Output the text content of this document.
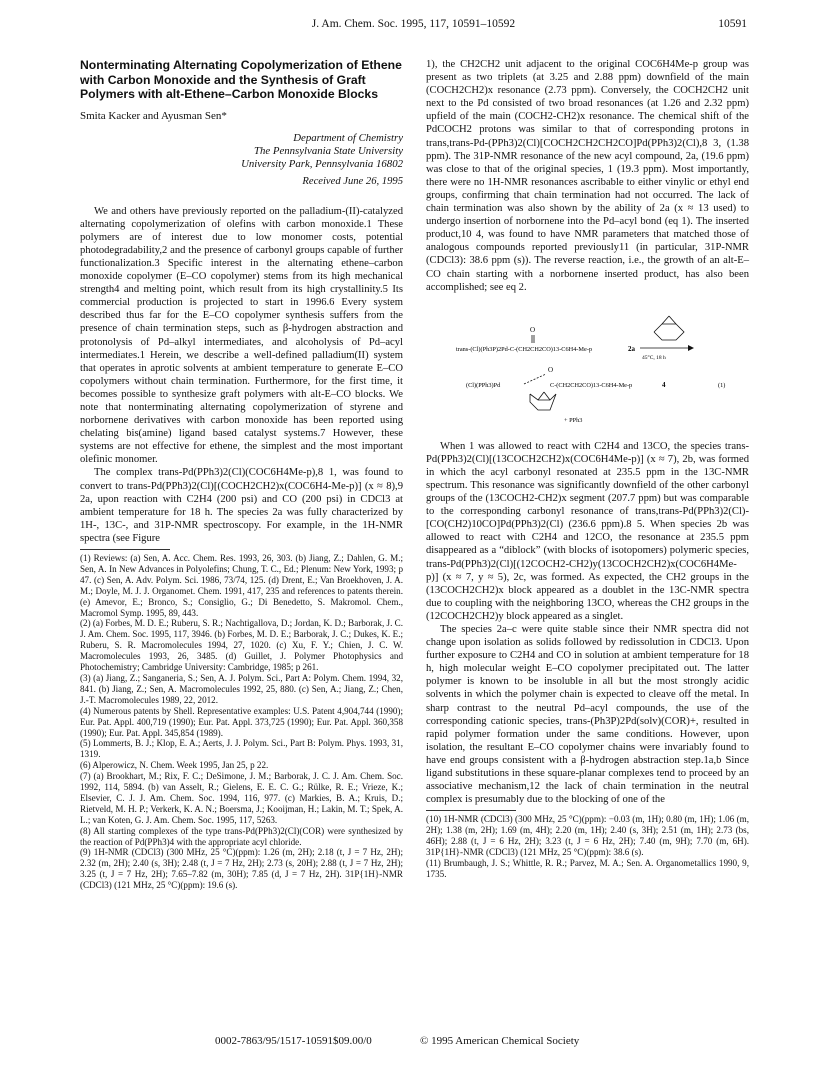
J. Am. Chem. Soc. 1995, 117, 10591–10592	10591
Nonterminating Alternating Copolymerization of Ethene with Carbon Monoxide and the Synthesis of Graft Polymers with alt-Ethene–Carbon Monoxide Blocks
Smita Kacker and Ayusman Sen*
Department of Chemistry
The Pennsylvania State University
University Park, Pennsylvania 16802
Received June 26, 1995

We and others have previously reported on the palladium-(II)-catalyzed alternating copolymerization of olefins with carbon monoxide.1 These polymers are of interest due to low monomer costs, potential photodegradability,2 and the presence of carbonyl groups capable of further functionalization.3 Specific interest in the alternating ethene–carbon monoxide copolymer (E–CO copolymer) stems from its high mechanical strength4 and melting point, which result from its high crystallinity.5 Its commercial production is projected to start in 1996.6 Every system described thus far for the E–CO copolymer synthesis suffers from the presence of chain termination steps, such as β-hydrogen abstraction and protonolysis of Pd–alkyl intermediates, and alcoholysis of Pd–acyl intermediates.1 Herein, we describe a well-defined palladium(II) system that operates in aprotic solvents at ambient temperature to generate E–CO copolymers without chain termination. Furthermore, for the first time, it becomes possible to synthesize graft polymers with alt-E–CO blocks. We note that nonterminating alternating copolymerization of styrene and norbornene derivatives with carbon monoxide has been reported using chelating bis(amine) ligand based catalyst systems.7 However, these systems are not effective for ethene, the simplest and the most important olefinic monomer.

The complex trans-Pd(PPh3)2(Cl)(COC6H4Me-p),8 1, was found to convert to trans-Pd(PPh3)2(Cl)[(COCH2CH2)x(COC6H4-Me-p)] (x ≈ 8),9 2a, upon reaction with C2H4 (200 psi) and CO (200 psi) in CDCl3 at ambient temperature for 18 h. The species 2a was fully characterized by 1H-, 13C-, and 31P-NMR spectroscopy. For example, in the 1H-NMR spectra (see Figure

(1) Reviews: (a) Sen, A. Acc. Chem. Res. 1993, 26, 303. (b) Jiang, Z.; Dahlen, G. M.; Sen, A. In New Advances in Polyolefins; Chung, T. C., Ed.; Plenum: New York, 1993; p 47. (c) Sen, A. Adv. Polym. Sci. 1986, 73/74, 125. (d) Drent, E.; Van Broekhoven, J. A. M.; Doyle, M. J. J. Organomet. Chem. 1991, 417, 235 and references to patents therein. (e) Amevor, E.; Bronco, S.; Consiglio, G.; Di Benedetto, S. Makromol. Chem., Macromol Symp. 1995, 89, 443.
(2) (a) Forbes, M. D. E.; Ruberu, S. R.; Nachtigallova, D.; Jordan, K. D.; Barborak, J. C. J. Am. Chem. Soc. 1995, 117, 3946. (b) Forbes, M. D. E.; Barborak, J. C.; Dukes, K. E.; Ruberu, S. R. Macromolecules 1994, 27, 1020. (c) Xu, F. Y.; Chien, J. C. W. Macromolecules 1993, 26, 3485. (d) Guillet, J. Polymer Photophysics and Photochemistry; Cambridge University: Cambridge, 1985; p 261.
(3) (a) Jiang, Z.; Sanganeria, S.; Sen, A. J. Polym. Sci., Part A: Polym. Chem. 1994, 32, 841. (b) Jiang, Z.; Sen, A. Macromolecules 1992, 25, 880. (c) Sen, A.; Jiang, Z.; Chen, J.-T. Macromolecules 1989, 22, 2012.
(4) Numerous patents by Shell. Representative examples: U.S. Patent 4,904,744 (1990); Eur. Pat. Appl. 400,719 (1990); Eur. Pat. Appl. 373,725 (1990); Eur. Pat. Appl. 360,358 (1990); Eur. Pat. Appl. 345,854 (1989).
(5) Lommerts, B. J.; Klop, E. A.; Aerts, J. J. Polym. Sci., Part B: Polym. Phys. 1993, 31, 1319.
(6) Alperowicz, N. Chem. Week 1995, Jan 25, p 22.
(7) (a) Brookhart, M.; Rix, F. C.; DeSimone, J. M.; Barborak, J. C. J. Am. Chem. Soc. 1992, 114, 5894. (b) van Asselt, R.; Gielens, E. E. C. G.; Rülke, R. E.; Vrieze, K.; Elsevier, C. J. J. Am. Chem. Soc. 1994, 116, 977. (c) Markies, B. A.; Kruis, D.; Rietveld, M. H. P.; Verkerk, K. A. N.; Boersma, J.; Kooijman, H.; Lakin, M. T.; Spek, A. L.; van Koten, G. J. Am. Chem. Soc. 1995, 117, 5263.
(8) All starting complexes of the type trans-Pd(PPh3)2(Cl)(COR) were synthesized by the reaction of Pd(PPh3)4 with the appropriate acyl chloride.
(9) 1H-NMR (CDCl3) (300 MHz, 25 °C)(ppm): 1.26 (m, 2H); 2.18 (t, J = 7 Hz, 2H); 2.32 (m, 2H); 2.40 (s, 3H); 2.48 (t, J = 7 Hz, 2H); 2.73 (s, 20H); 2.88 (t, J = 7 Hz, 2H); 3.25 (t, J = 7 Hz, 2H); 7.65–7.82 (m, 30H); 7.85 (d, J = 7 Hz, 2H). 31P{1H}-NMR (CDCl3) (121 MHz, 25 °C)(ppm): 19.6 (s).

1), the CH2CH2 unit adjacent to the original COC6H4Me-p group was present as two triplets (at 3.25 and 2.88 ppm) downfield of the main (COCH2CH2)x resonance (2.73 ppm). Conversely, the COCH2CH2 unit next to the Pd consisted of two broad resonances (at 1.26 and 2.32 ppm) upfield of the main (COCH2-CH2)x resonance. The chemical shift of the PdCOCH2 protons was similar to that of corresponding protons in trans,trans-Pd-(PPh3)2(Cl)[COCH2CH2CH2CO]Pd(PPh3)2(Cl),8 3, (1.38 ppm). The 31P-NMR resonance of the new acyl compound, 2a, (19.6 ppm) was close to that of the original species, 1 (19.3 ppm). Most importantly, there were no 1H-NMR resonances ascribable to either vinylic or ethyl end groups, confirming that chain termination had not occurred. The lack of chain termination was also shown by the ability of 2a (x ≈ 13 used) to undergo insertion of norbornene into the Pd–acyl bond (eq 1). The inserted product,10 4, was found to have NMR parameters that matched those of analogous compounds reported previously11 (in particular, 31P-NMR (CDCl3): 38.6 ppm (s)). The reverse reaction, i.e., the growth of an alt-E–CO chain starting with a norbornene inserted product, has also been accomplished; see eq 2.

O
trans-(Cl)(Ph3P)2Pd-C-(CH2CH2CO)13-C6H4-Me-p	2a
45°C, 18 h
(Cl)(PPh3)Pd
O
C-(CH2CH2CO)13-C6H4-Me-p	4
+ PPh3
(1)

When 1 was allowed to react with C2H4 and 13CO, the species trans-Pd(PPh3)2(Cl)[(13COCH2CH2)x(COC6H4Me-p)] (x ≈ 7), 2b, was formed in which the acyl carbonyl resonated at 235.5 ppm in the 13C-NMR spectrum. This resonance was significantly downfield of the other carbonyl groups of the (13COCH2-CH2)x segment (207.7 ppm) but was comparable to the corresponding carbonyl resonance of trans,trans-Pd(PPh3)2(Cl)-[CO(CH2)10CO]Pd(PPh3)2(Cl) (236.6 ppm).8 5. When species 2b was allowed to react with C2H4 and 12CO, the resonance at 235.5 ppm disappeared as a “diblock” (with blocks of isotopomers) polymeric species, trans-Pd(PPh3)2(Cl)[(12COCH2-CH2)y(13COCH2CH2)x(COC6H4Me-p)] (x ≈ 7, y ≈ 5), 2c, was formed. As expected, the CH2 groups in the (13COCH2CH2)x block appeared as a doublet in the 13C-NMR spectra due to coupling with the neighboring 13CO, whereas the CH2 groups in the (12COCH2CH2)y block appeared as a singlet.

The species 2a–c were quite stable since their NMR spectra did not change upon isolation as solids followed by redissolution in CDCl3. Upon further exposure to C2H4 and CO in solution at ambient temperature for 18 h, high molecular weight E–CO copolymer precipitated out. The latter polymer is known to be insoluble in all but the most strongly acidic solvents in which the polymer chain is expected to cleave off the metal. In sharp contrast to the neutral Pd–acyl compounds, the use of the corresponding cationic species, trans-(Ph3P)2Pd(solv)(COR)+, resulted in rapid polymer formation under the same conditions. However, upon isolation, the resultant E–CO copolymer chains were invariably found to have end groups consistent with a β-hydrogen abstraction step.1a,b Since ligand substitutions in these square-planar complexes tend to proceed by an associative mechanism,12 the lack of chain termination in the neutral complex is presumably due to the blocking of one of the

(10) 1H-NMR (CDCl3) (300 MHz, 25 °C)(ppm): −0.03 (m, 1H); 0.80 (m, 1H); 1.06 (m, 2H); 1.38 (m, 2H); 1.69 (m, 4H); 2.20 (m, 1H); 2.40 (s, 3H); 2.51 (m, 1H); 2.73 (bs, 46H); 2.88 (t, J = 6 Hz, 2H); 3.23 (t, J = 6 Hz, 2H); 7.40 (m, 9H); 7.70 (m, 6H). 31P{1H}-NMR (CDCl3) (121 MHz, 25 °C)(ppm): 38.6 (s).
(11) Brumbaugh, J. S.; Whittle, R. R.; Parvez, M. A.; Sen. A. Organometallics 1990, 9, 1735.
0002-7863/95/1517-10591$09.00/0	© 1995 American Chemical Society
